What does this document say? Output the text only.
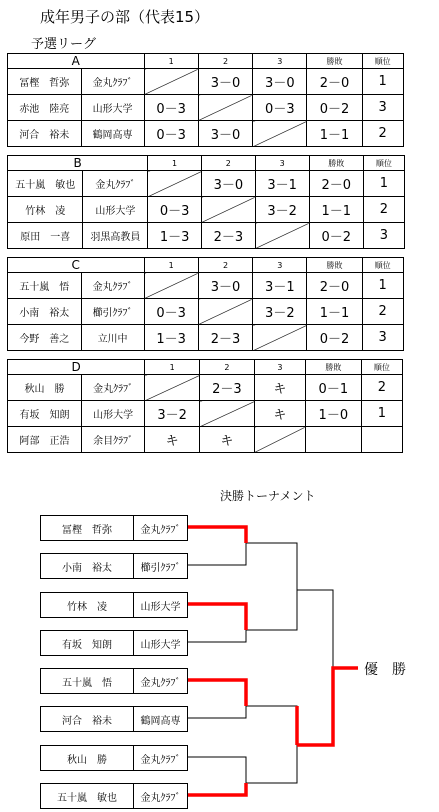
成年男子の部（代表15）
予選リーグ
A		1	2	3	勝敗	順位
冨樫　哲弥	金丸ｸﾗﾌﾞ		3－0	3－0	2－0	1
赤池　陸亮	山形大学	0－3		0－3	0－2	3
河合　裕未	鶴岡高専	0－3	3－0		1－1	2
B		1	2	3	勝敗	順位
五十嵐　敏也	金丸ｸﾗﾌﾞ		3－0	3－1	2－0	1
竹林　凌	山形大学	0－3		3－2	1－1	2
原田　一喜	羽黒高教員	1－3	2－3		0－2	3
C		1	2	3	勝敗	順位
五十嵐　悟	金丸ｸﾗﾌﾞ		3－0	3－1	2－0	1
小南　裕太	櫛引ｸﾗﾌﾞ	0－3		3－2	1－1	2
今野　善之	立川中	1－3	2－3		0－2	3
D		1	2	3	勝敗	順位
秋山　勝	金丸ｸﾗﾌﾞ		2－3	キ	0－1	2
有坂　知朗	山形大学	3－2		キ	1－0	1
阿部　正浩	余目ｸﾗﾌﾞ	キ	キ			
決勝トーナメント
冨樫　哲弥	金丸ｸﾗﾌﾞ
小南　裕太	櫛引ｸﾗﾌﾞ
竹林　凌	山形大学
有坂　知朗	山形大学
五十嵐　悟	金丸ｸﾗﾌﾞ
河合　裕未	鶴岡高専
秋山　勝	金丸ｸﾗﾌﾞ
五十嵐　敏也	金丸ｸﾗﾌﾞ
優　勝
